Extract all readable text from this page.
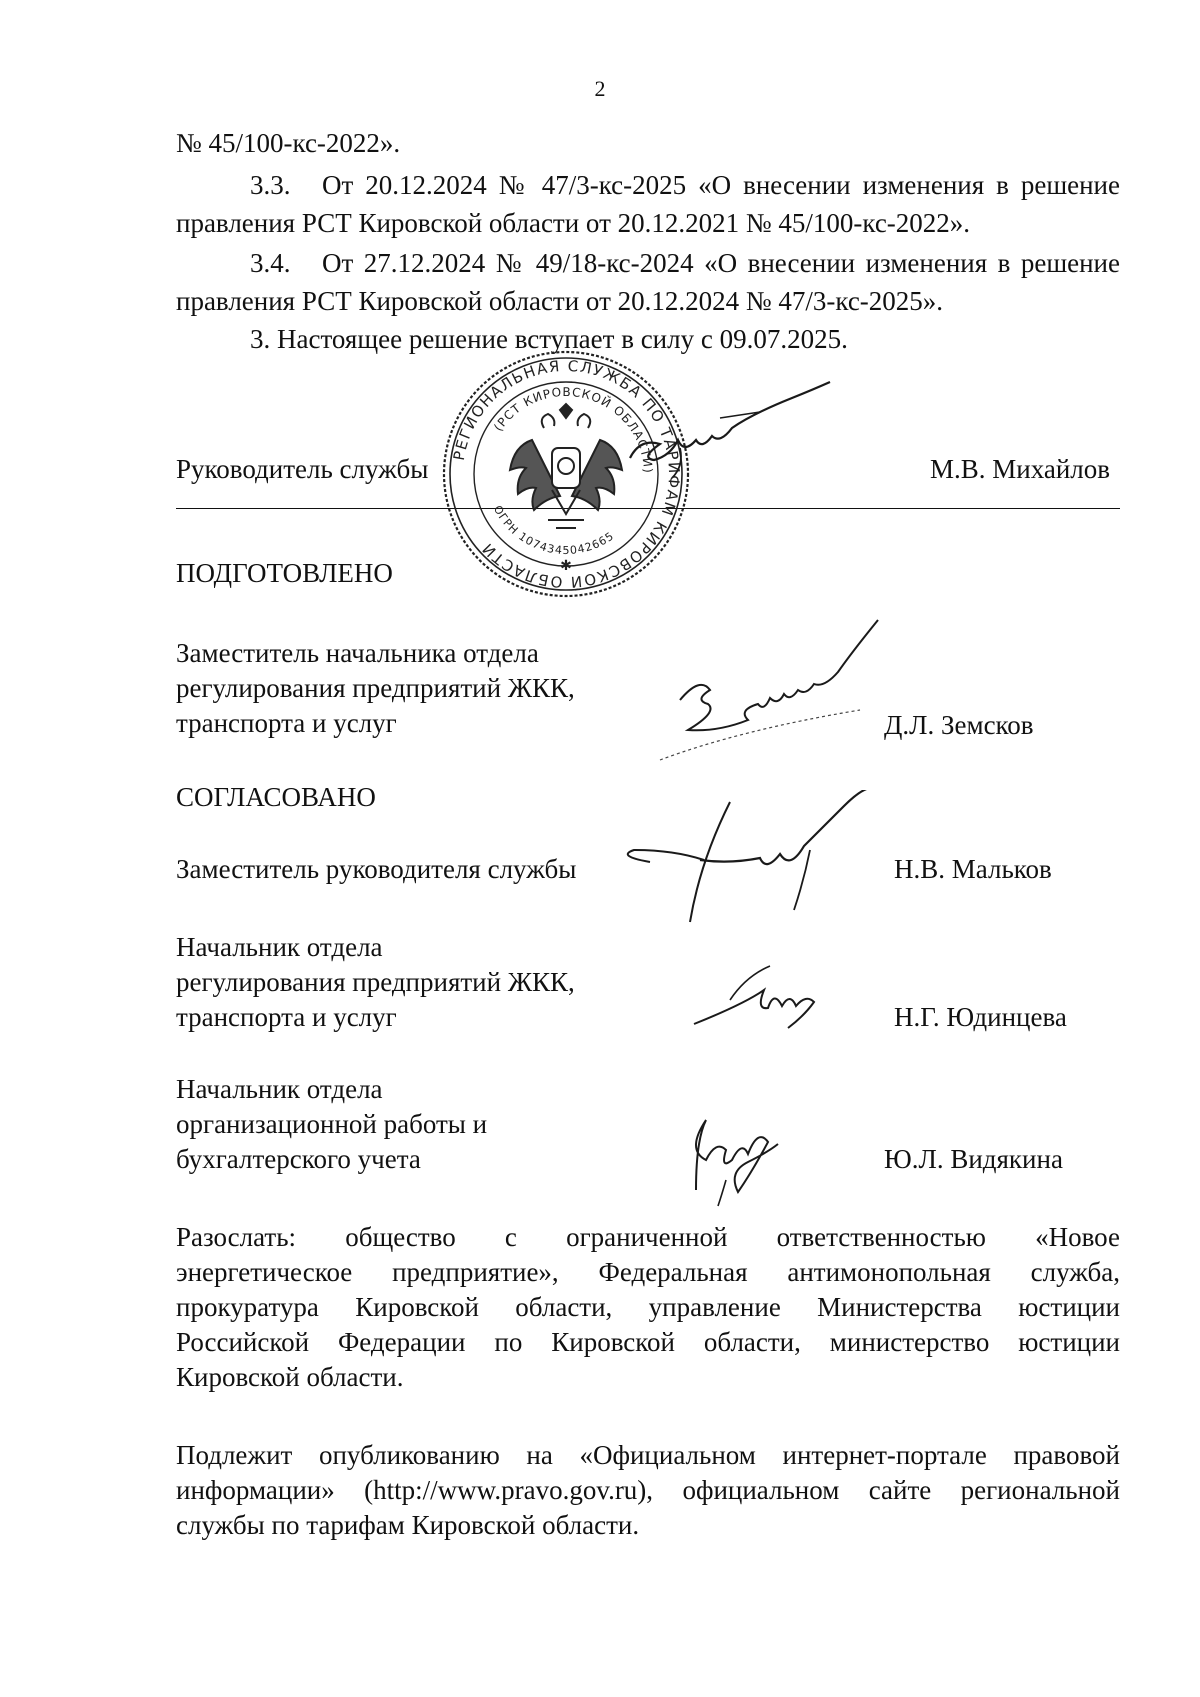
2
№ 45/100-кс-2022».
3.3. От 20.12.2024 № 47/3-кс-2025 «О внесении изменения в решение
правления РСТ Кировской области от 20.12.2021 № 45/100-кс-2022».
3.4. От 27.12.2024 № 49/18-кс-2024 «О внесении изменения в решение
правления РСТ Кировской области от 20.12.2024 № 47/3-кс-2025».
3. Настоящее решение вступает в силу с 09.07.2025.
Руководитель службы	М.В. Михайлов
РЕГИОНАЛЬНАЯ СЛУЖБА ПО ТАРИФАМ КИРОВСКОЙ ОБЛАСТИ
(РСТ КИРОВСКОЙ ОБЛАСТИ)
ОГРН 1074345042665
✱
ПОДГОТОВЛЕНО
Заместитель начальника отдела
регулирования предприятий ЖКК,
транспорта и услуг	Д.Л. Земсков
СОГЛАСОВАНО
Заместитель руководителя службы	Н.В. Мальков
Начальник отдела
регулирования предприятий ЖКК,
транспорта и услуг	Н.Г. Юдинцева
Начальник отдела
организационной работы и
бухгалтерского учета	Ю.Л. Видякина
Разослать: общество с ограниченной ответственностью «Новое
энергетическое предприятие», Федеральная антимонопольная служба,
прокуратура Кировской области, управление Министерства юстиции
Российской Федерации по Кировской области, министерство юстиции
Кировской области.
Подлежит опубликованию на «Официальном интернет-портале правовой
информации» (http://www.pravo.gov.ru), официальном сайте региональной
службы по тарифам Кировской области.
